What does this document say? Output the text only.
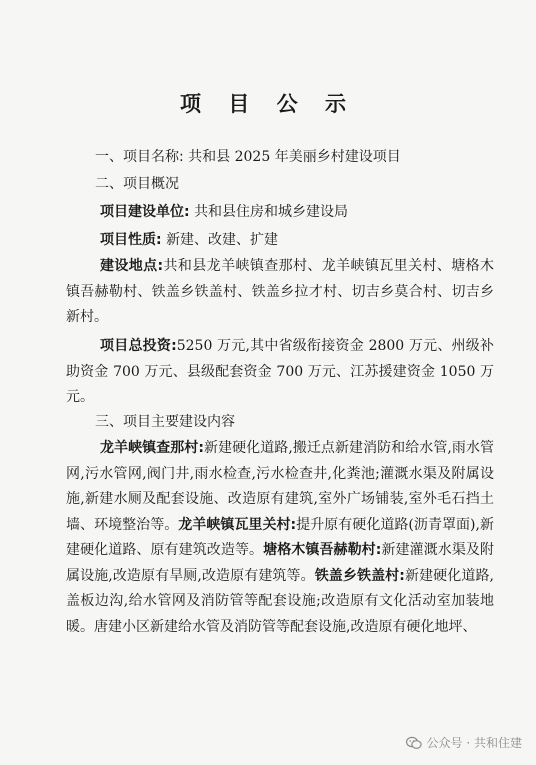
项 目 公 示
一、项目名称: 共和县 2025 年美丽乡村建设项目
二、项目概况
项目建设单位: 共和县住房和城乡建设局
项目性质: 新建、改建、扩建
建设地点:共和县龙羊峡镇查那村、龙羊峡镇瓦里关村、塘格木镇吾赫勒村、铁盖乡铁盖村、铁盖乡拉才村、切吉乡莫合村、切吉乡新村。
项目总投资:5250 万元,其中省级衔接资金 2800 万元、州级补助资金 700 万元、县级配套资金 700 万元、江苏援建资金 1050 万元。
三、项目主要建设内容
龙羊峡镇查那村:新建硬化道路,搬迁点新建消防和给水管,雨水管网,污水管网,阀门井,雨水检查,污水检查井,化粪池;灌溉水渠及附属设施,新建水厕及配套设施、改造原有建筑,室外广场铺装,室外毛石挡土墙、环境整治等。龙羊峡镇瓦里关村:提升原有硬化道路(沥青罩面),新建硬化道路、原有建筑改造等。塘格木镇吾赫勒村:新建灌溉水渠及附属设施,改造原有旱厕,改造原有建筑等。铁盖乡铁盖村:新建硬化道路,盖板边沟,给水管网及消防管等配套设施;改造原有文化活动室加装地暖。唐建小区新建给水管及消防管等配套设施,改造原有硬化地坪、
公众号 · 共和住建
